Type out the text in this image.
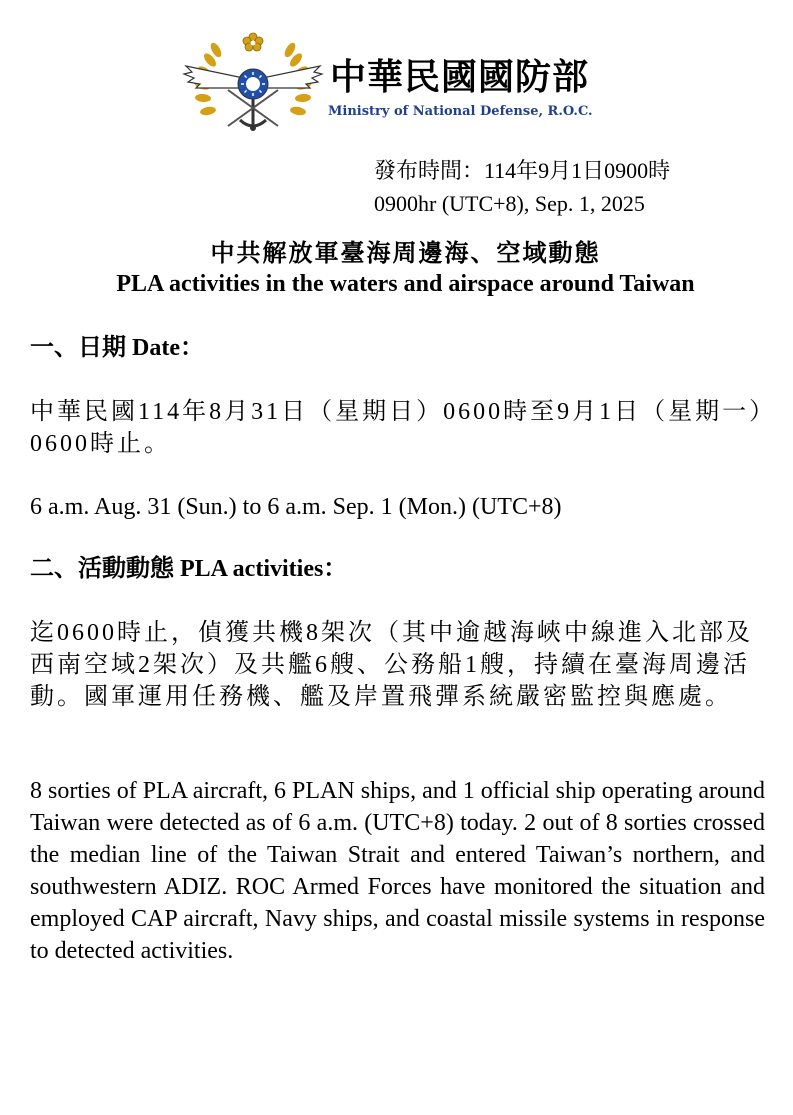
中華民國國防部
Ministry of National Defense, R.O.C.
發布時間：114年9月1日0900時
0900hr (UTC+8), Sep. 1, 2025
中共解放軍臺海周邊海、空域動態
PLA activities in the waters and airspace around Taiwan
一、日期 Date：
中華民國114年8月31日（星期日）0600時至9月1日（星期一）0600時止。
6 a.m. Aug. 31 (Sun.) to 6 a.m. Sep. 1 (Mon.) (UTC+8)
二、活動動態 PLA activities：
迄0600時止，偵獲共機8架次（其中逾越海峽中線進入北部及西南空域2架次）及共艦6艘、公務船1艘，持續在臺海周邊活動。國軍運用任務機、艦及岸置飛彈系統嚴密監控與應處。
8 sorties of PLA aircraft, 6 PLAN ships, and 1 official ship operating around Taiwan were detected as of 6 a.m. (UTC+8) today. 2 out of 8 sorties crossed the median line of the Taiwan Strait and entered Taiwan’s northern, and southwestern ADIZ. ROC Armed Forces have monitored the situation and employed CAP aircraft, Navy ships, and coastal missile systems in response to detected activities.
